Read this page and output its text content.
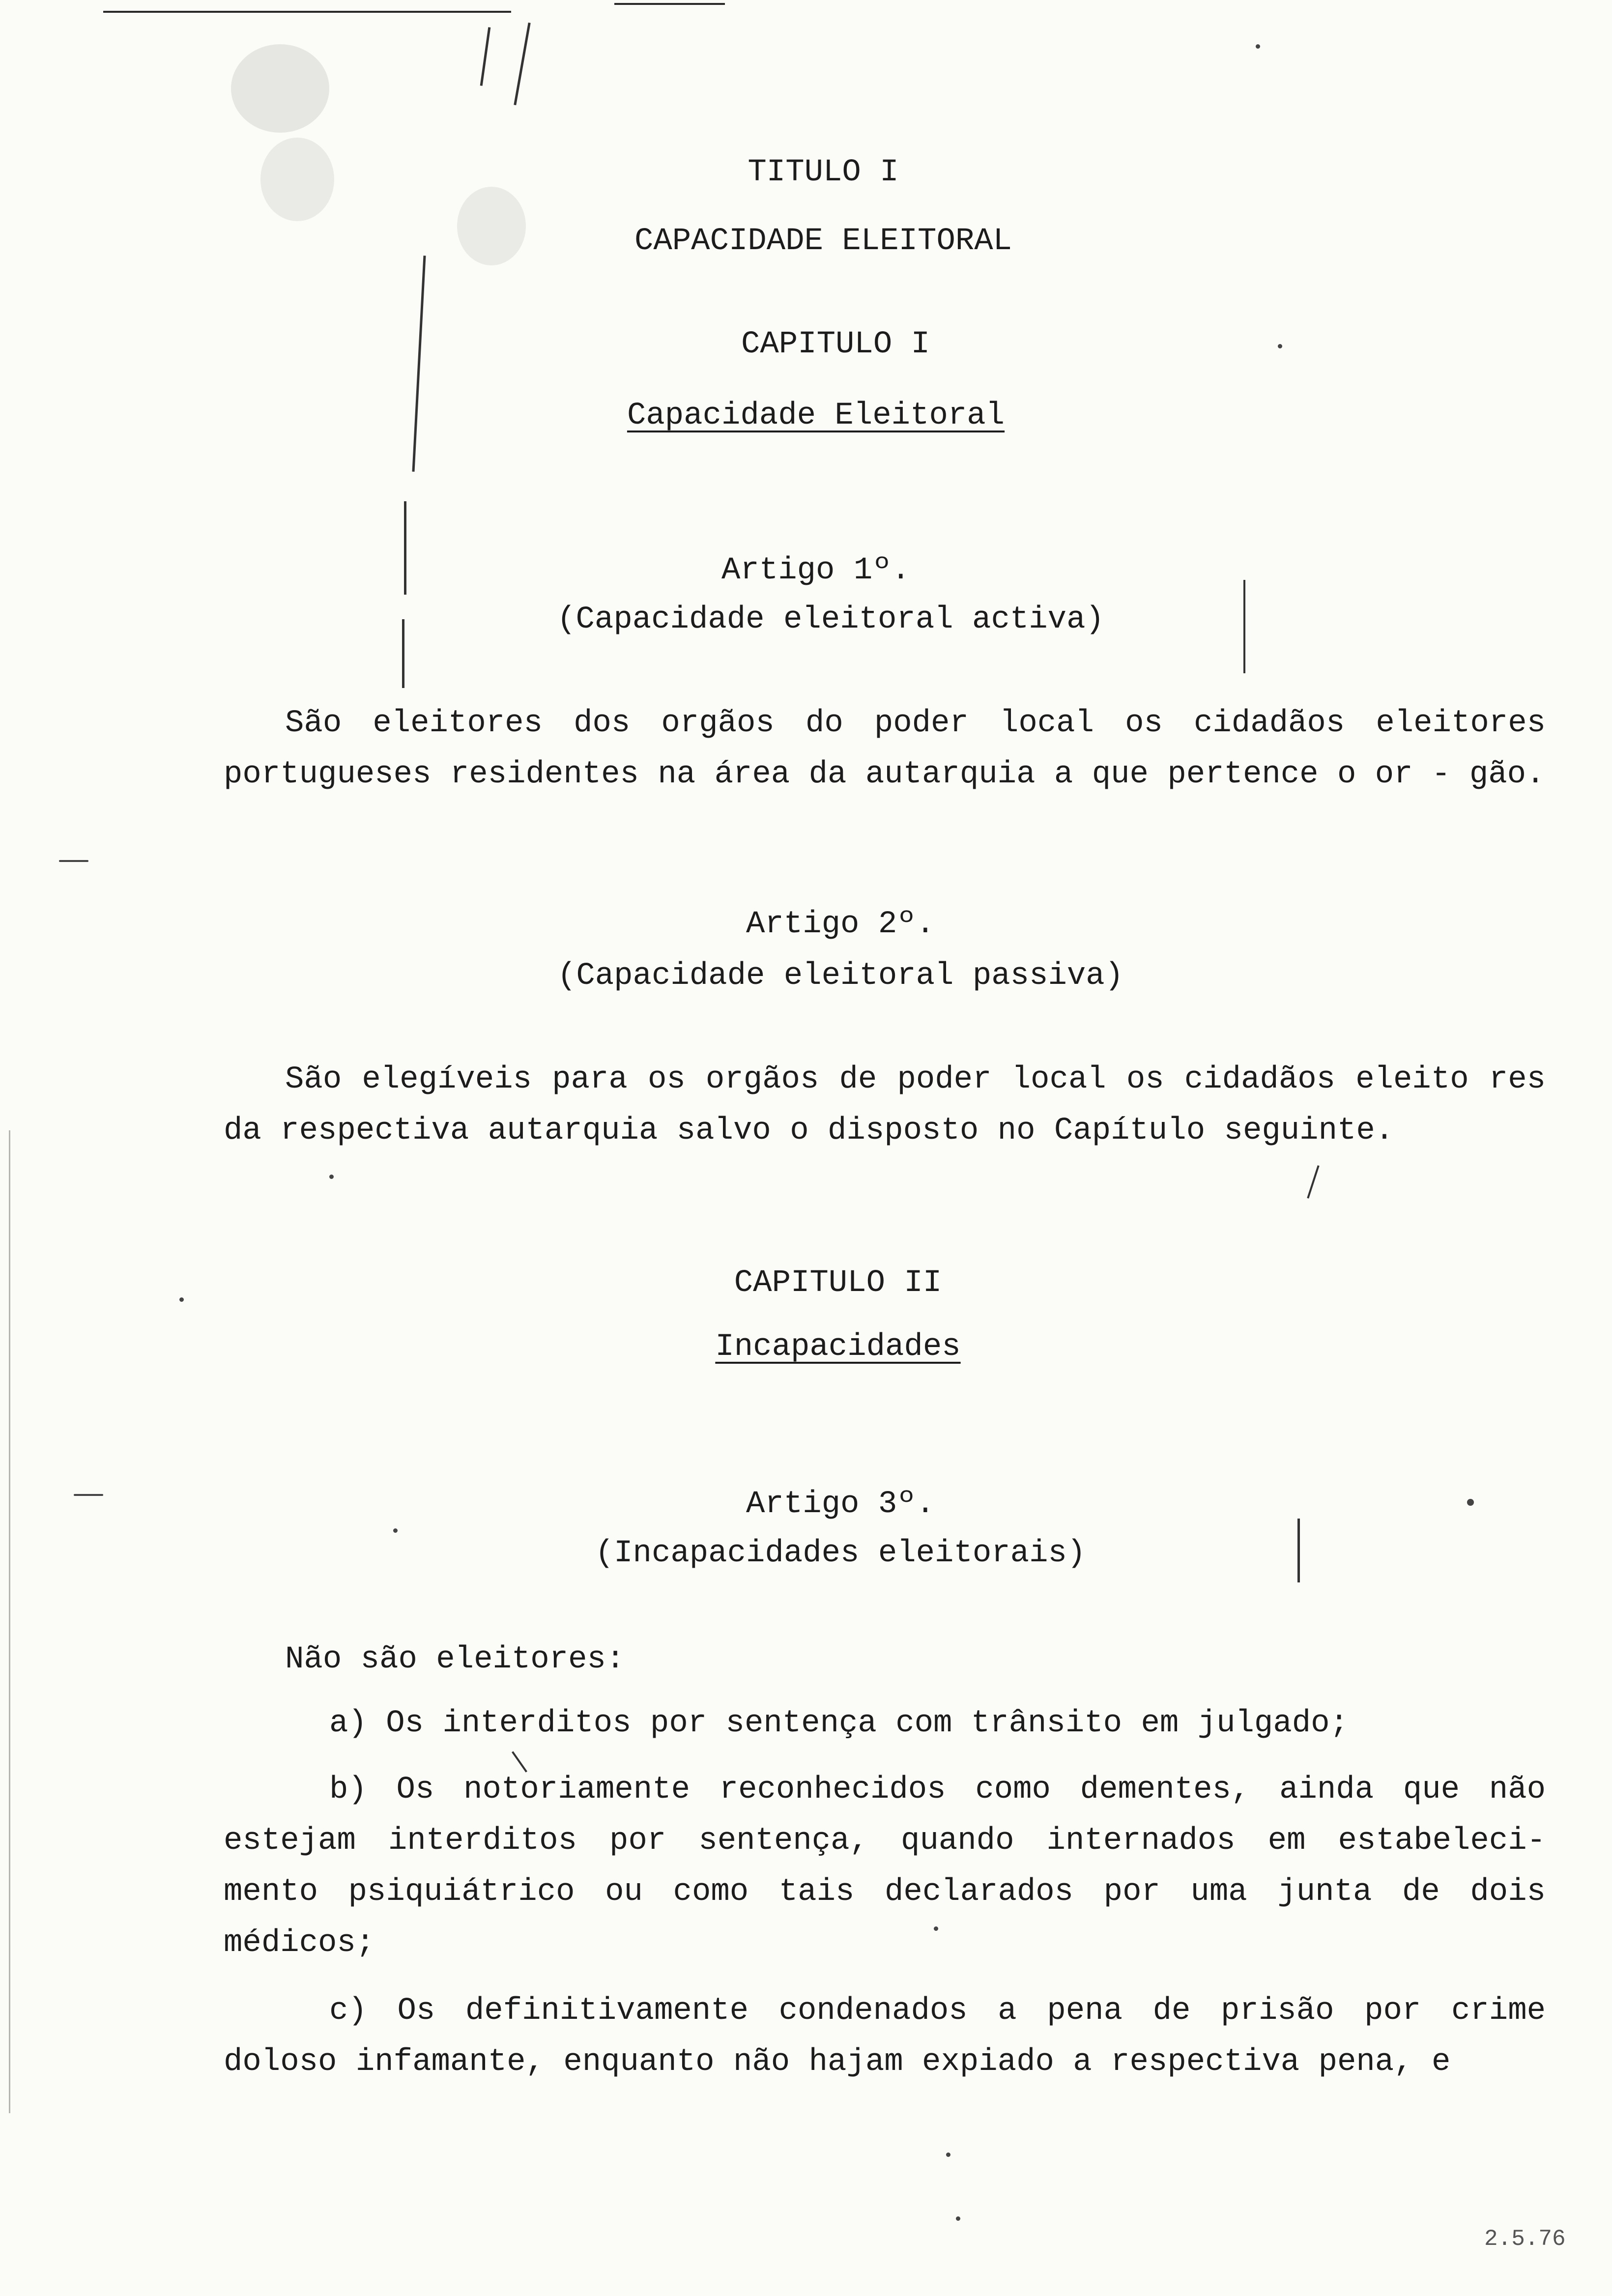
TITULO I
CAPACIDADE ELEITORAL
CAPITULO I
Capacidade Eleitoral
Artigo 1º.
(Capacidade eleitoral activa)
São eleitores dos orgãos do poder local os cidadãos eleitores portugueses residentes na área da autarquia a que pertence o or - gão.
Artigo 2º.
(Capacidade eleitoral passiva)
São elegíveis para os orgãos de poder local os cidadãos eleito res da respectiva autarquia salvo o disposto no Capítulo seguinte.
CAPITULO II
Incapacidades
Artigo 3º.
(Incapacidades eleitorais)
Não são eleitores:
a) Os interditos por sentença com trânsito em julgado;
b) Os notoriamente reconhecidos como dementes, ainda que não estejam interditos por sentença, quando internados em estabeleci- mento psiquiátrico ou como tais declarados por uma junta de dois médicos;
c) Os definitivamente condenados a pena de prisão por crime doloso infamante, enquanto não hajam expiado a respectiva pena, e
2.5.76
